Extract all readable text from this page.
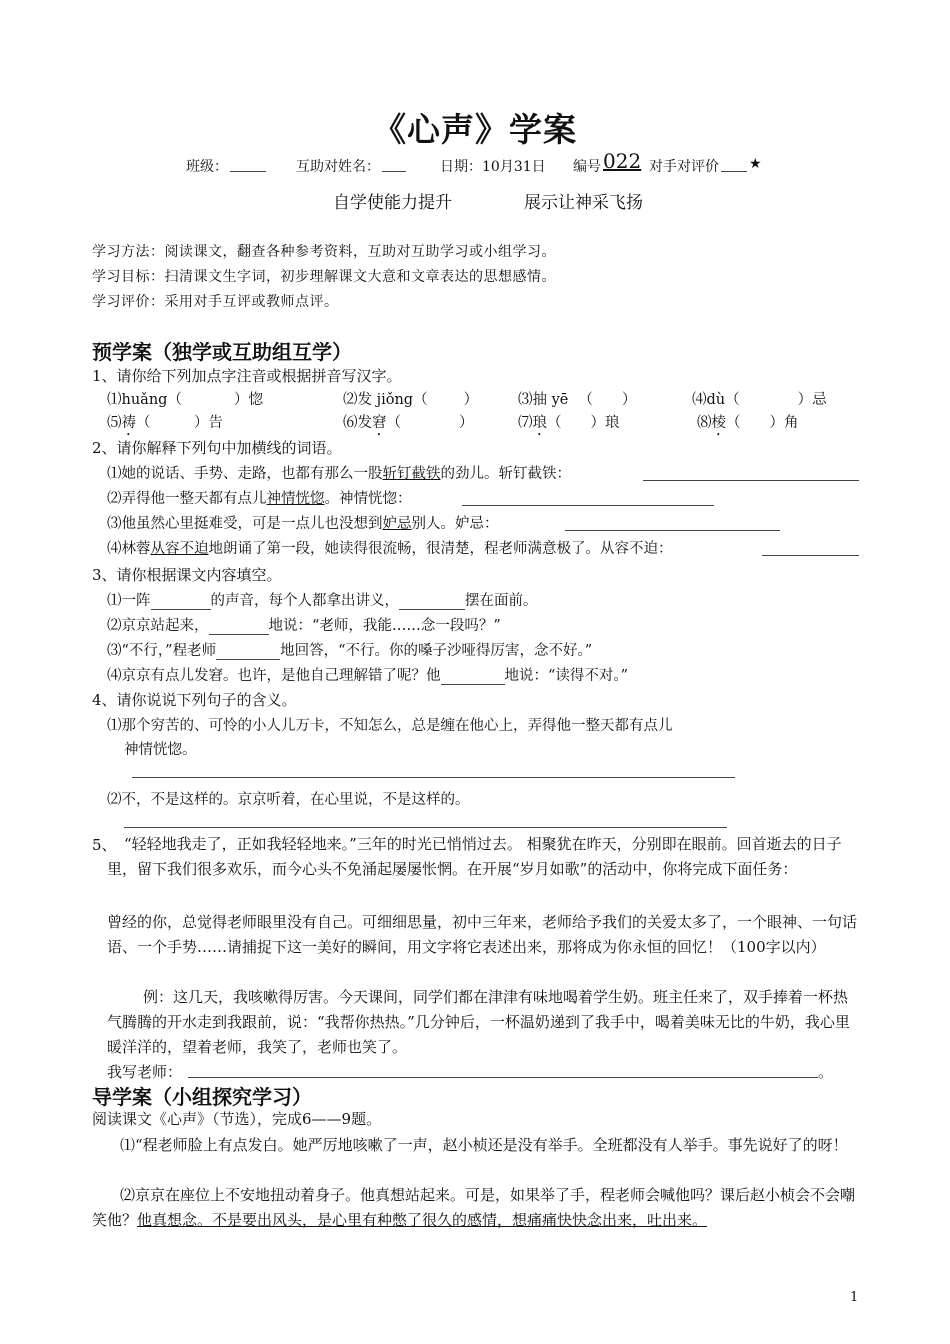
《心声》学案
班级：	互助对姓名：	日期：10月31日 编号 022 对手对评价 ★
自学使能力提升	展示让神采飞扬
学习方法：阅读课文，翻查各种参考资料，互助对互助学习或小组学习。
学习目标：扫清课文生字词，初步理解课文大意和文章表达的思想感情。
学习评价：采用对手互评或教师点评。
预学案（独学或互助组互学）
1、请你给下列加点字注音或根据拼音写汉字。
⑴huǎng（	）惚	⑵发 jiǒng（ ）	⑶抽 yē （　　）	⑷dù（	）忌
⑸祷（　　　）告	⑹发窘（　　　　）	⑺琅（　　）琅	⑻棱（　　）角
2、请你解释下列句中加横线的词语。
⑴她的说话、手势、走路，也都有那么一股斩钉截铁的劲儿。斩钉截铁：
⑵弄得他一整天都有点儿神情恍惚。神情恍惚：
⑶他虽然心里挺难受，可是一点儿也没想到妒忌别人。妒忌：
⑷林蓉从容不迫地朗诵了第一段，她读得很流畅，很清楚，程老师满意极了。从容不迫：
3、请你根据课文内容填空。
⑴一阵	的声音，每个人都拿出讲义，	摆在面前。
⑵京京站起来，	地说：“老师，我能……念一段吗？”
⑶“不行，”程老师	地回答，“不行。你的嗓子沙哑得厉害，念不好。”
⑷京京有点儿发窘。也许，是他自己理解错了呢？他	地说：“读得不对。”
4、请你说说下列句子的含义。
⑴那个穷苦的、可怜的小人儿万卡，不知怎么，总是缠在他心上，弄得他一整天都有点儿
神情恍惚。
⑵不，不是这样的。京京听着，在心里说，不是这样的。
5、 “轻轻地我走了，正如我轻轻地来。”三年的时光已悄悄过去。 相聚犹在昨天，分别即在眼前。回首逝去的日子里，留下我们很多欢乐，而今心头不免涌起屡屡怅惘。在开展“岁月如歌”的活动中，你将完成下面任务：
曾经的你，总觉得老师眼里没有自己。可细细思量，初中三年来，老师给予我们的关爱太多了，一个眼神、一句话语、一个手势……请捕捉下这一美好的瞬间，用文字将它表述出来，那将成为你永恒的回忆！（100字以内）
例：这几天，我咳嗽得厉害。今天课间，同学们都在津津有味地喝着学生奶。班主任来了，双手捧着一杯热气腾腾的开水走到我跟前，说：“我帮你热热。”几分钟后，一杯温奶递到了我手中，喝着美味无比的牛奶，我心里暖洋洋的，望着老师，我笑了，老师也笑了。
我写老师：	。
导学案（小组探究学习）
阅读课文《心声》（节选），完成6——9题。
⑴“程老师脸上有点发白。她严厉地咳嗽了一声，赵小桢还是没有举手。全班都没有人举手。事先说好了的呀！
⑵京京在座位上不安地扭动着身子。他真想站起来。可是，如果举了手，程老师会喊他吗？课后赵小桢会不会嘲笑他？他真想念。不是要出风头，是心里有种憋了很久的感情，想痛痛快快念出来，吐出来。
1
